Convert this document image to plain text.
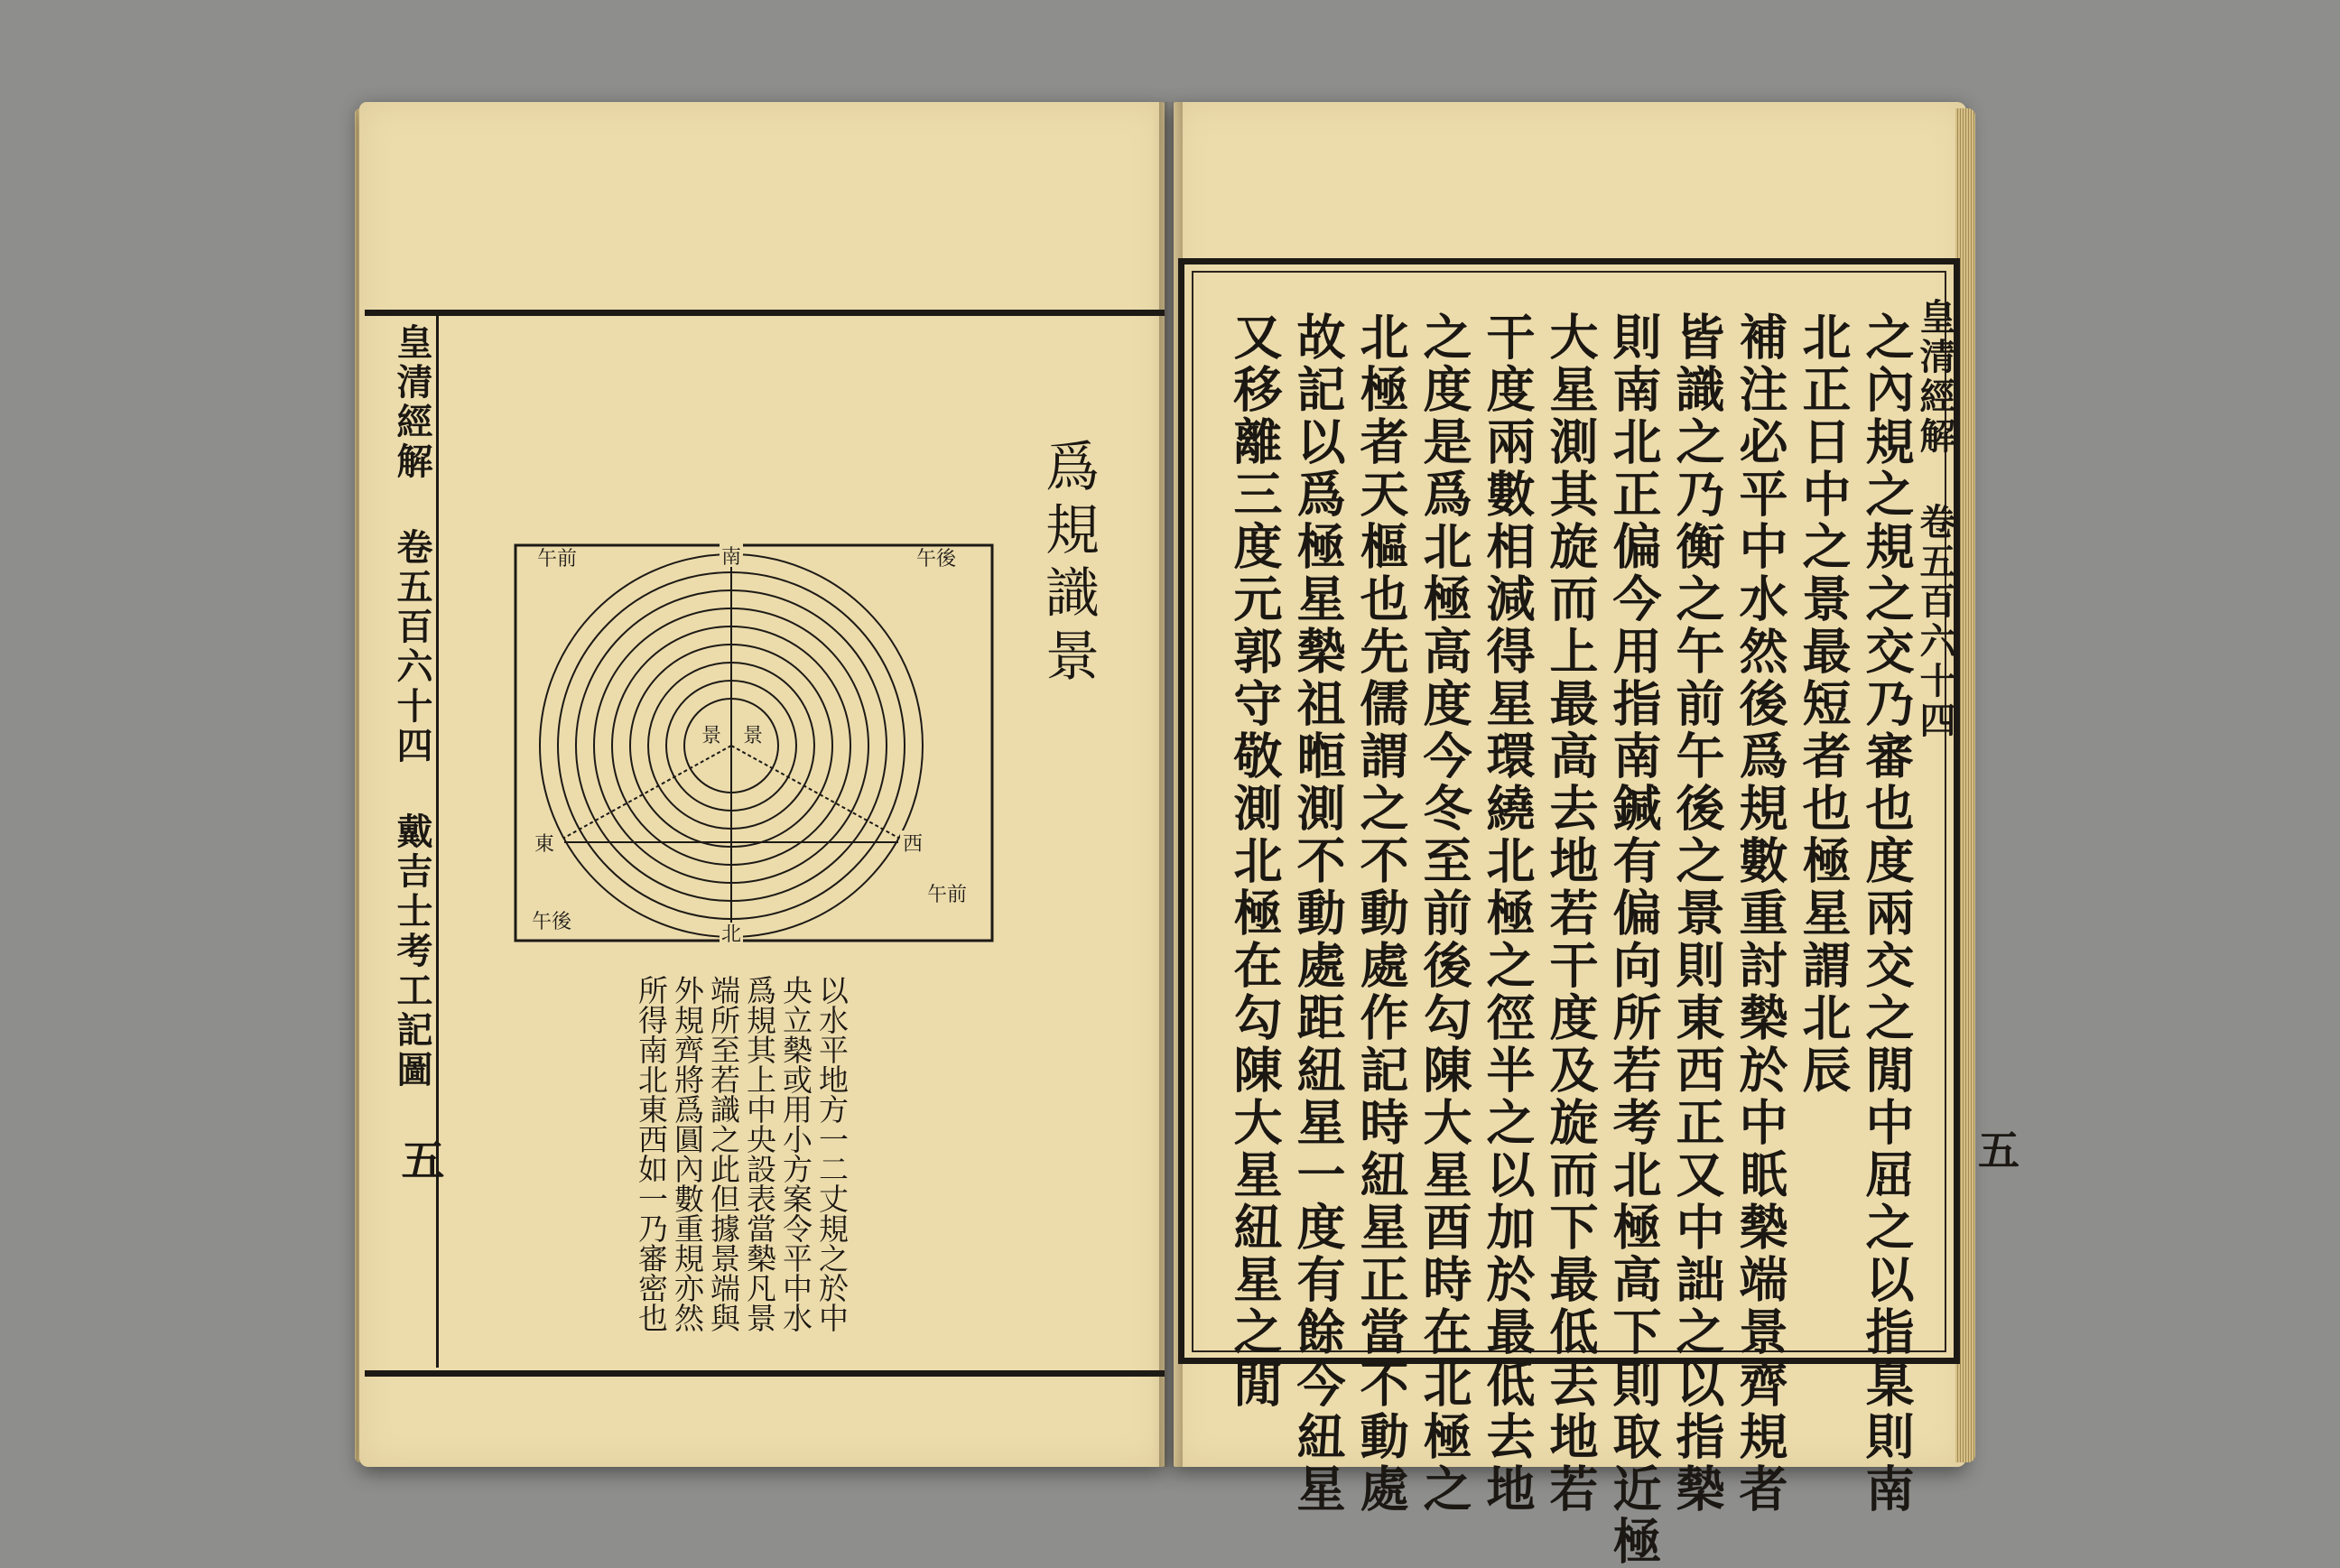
皇清經解 卷五百六十四 戴吉士考工記圖
五
爲規識景
南
北
東	西
午前	午後
午後
午前
景 景
所得南北東西如一乃審密也 外規齊將爲圓內數重規亦然 端所至若識之此但據景端與 爲規其上中央設表當槷凡景 央立槷或用小方案令平中水 以水平地方一二丈規之於中
皇清經解 卷五百六十四
五
之內規之規之交乃審也度兩交之閒中屈之以指臬則南
北正日中之景最短者也極星謂北辰
補注必平中水然後爲規數重討槷於中眂槷端景齊規者
皆識之乃衡之午前午後之景則東西正又中詘之以指槷
則南北正偏今用指南鍼有偏向所若考北極高下則取近極
大星測其旋而上最高去地若干度及旋而下最低去地若
干度兩數相減得星環繞北極之徑半之以加於最低去地
之度是爲北極高度今冬至前後勾陳大星酉時在北極之
北極者天樞也先儒謂之不動處作記時紐星正當不動處
故記以爲極星槷祖暅測不動處距紐星一度有餘今紐星
又移離三度元郭守敬測北極在勾陳大星紐星之閒
